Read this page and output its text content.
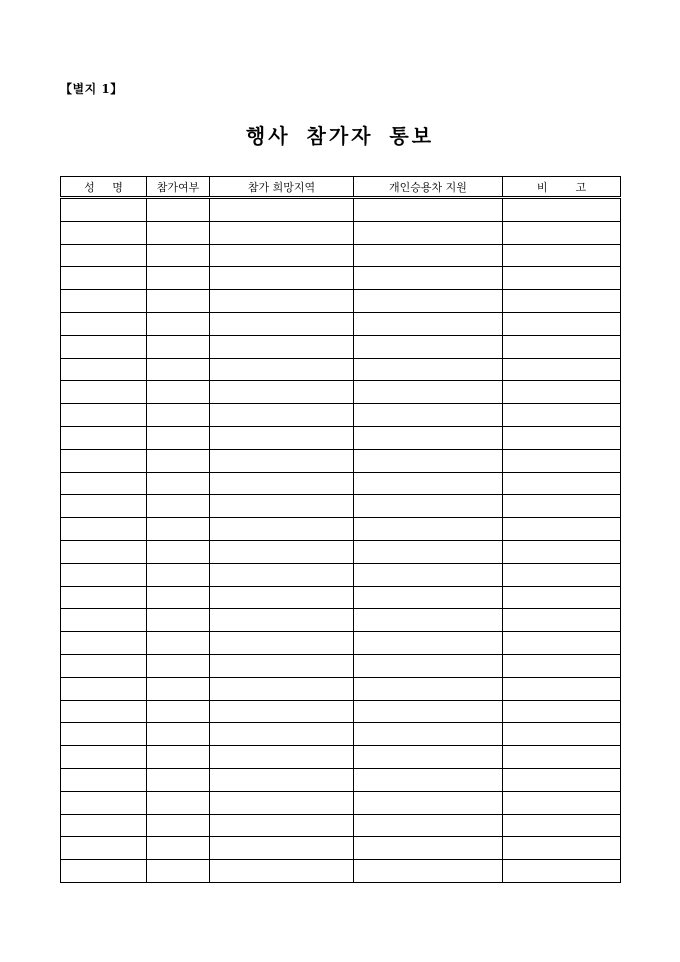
【별지 1】
행사 참가자 통보
성     명	참가여부	참가 희망지역	개인승용차 지원	비        고
